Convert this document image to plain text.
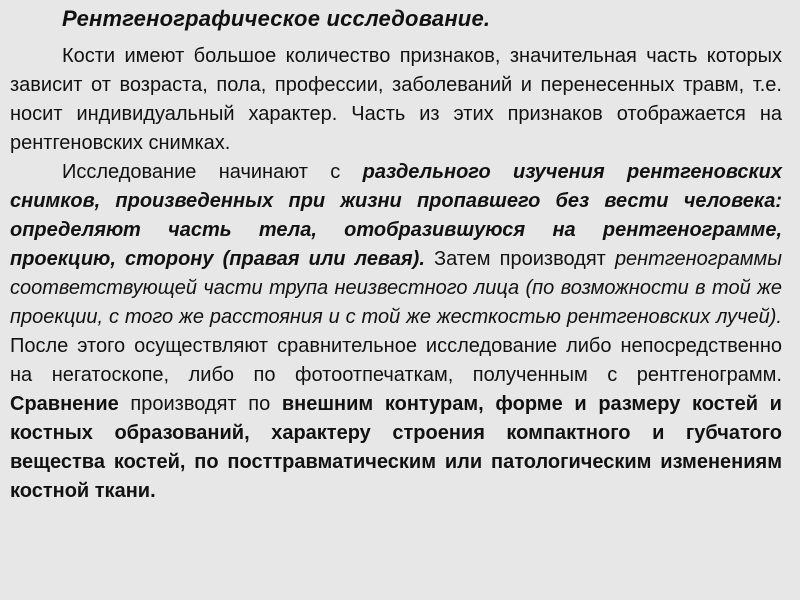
Рентгенографическое исследование.

Кости имеют большое количество признаков, значительная часть которых зависит от возраста, пола, профессии, заболеваний и перенесенных травм, т.е. носит индивидуальный характер. Часть из этих признаков отображается на рентгеновских снимках.

Исследование начинают с раздельного изучения рентгеновских снимков, произведенных при жизни пропавшего без вести человека: определяют часть тела, отобразившуюся на рентгенограмме, проекцию, сторону (правая или левая). Затем производят рентгенограммы соответствующей части трупа неизвестного лица (по возможности в той же проекции, с того же расстояния и с той же жесткостью рентгеновских лучей). После этого осуществляют сравнительное исследование либо непосредственно на негатоскопе, либо по фотоотпечаткам, полученным с рентгенограмм. Сравнение производят по внешним контурам, форме и размеру костей и костных образований, характеру строения компактного и губчатого вещества костей, по посттравматическим или патологическим изменениям костной ткани.
